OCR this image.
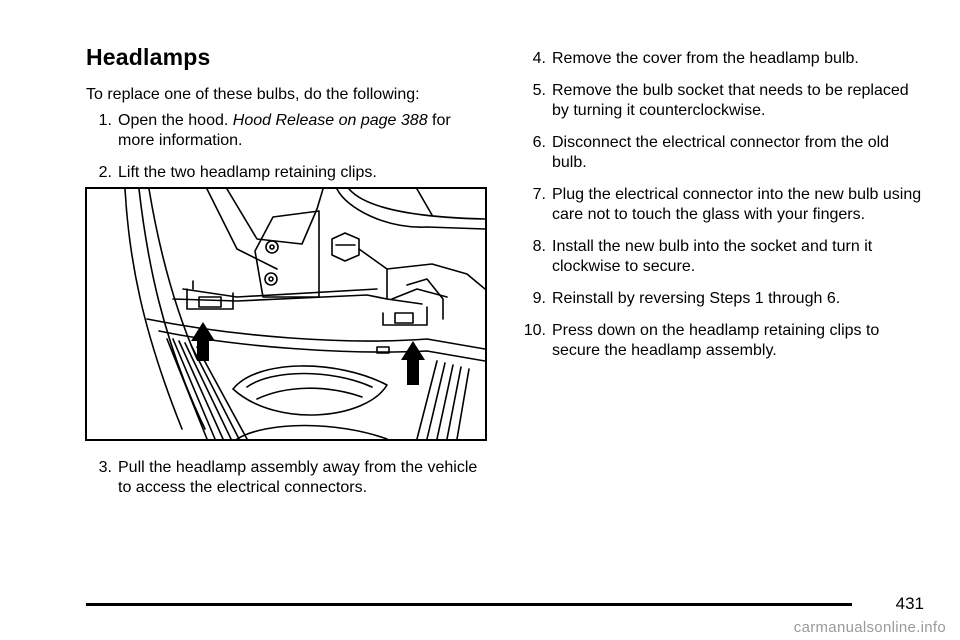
Headlamps

To replace one of these bulbs, do the following:

1. Open the hood. Hood Release on page 388 for more information.
2. Lift the two headlamp retaining clips.
3. Pull the headlamp assembly away from the vehicle to access the electrical connectors.
4. Remove the cover from the headlamp bulb.
5. Remove the bulb socket that needs to be replaced by turning it counterclockwise.
6. Disconnect the electrical connector from the old bulb.
7. Plug the electrical connector into the new bulb using care not to touch the glass with your fingers.
8. Install the new bulb into the socket and turn it clockwise to secure.
9. Reinstall by reversing Steps 1 through 6.
10. Press down on the headlamp retaining clips to secure the headlamp assembly.
431
carmanualsonline.info
